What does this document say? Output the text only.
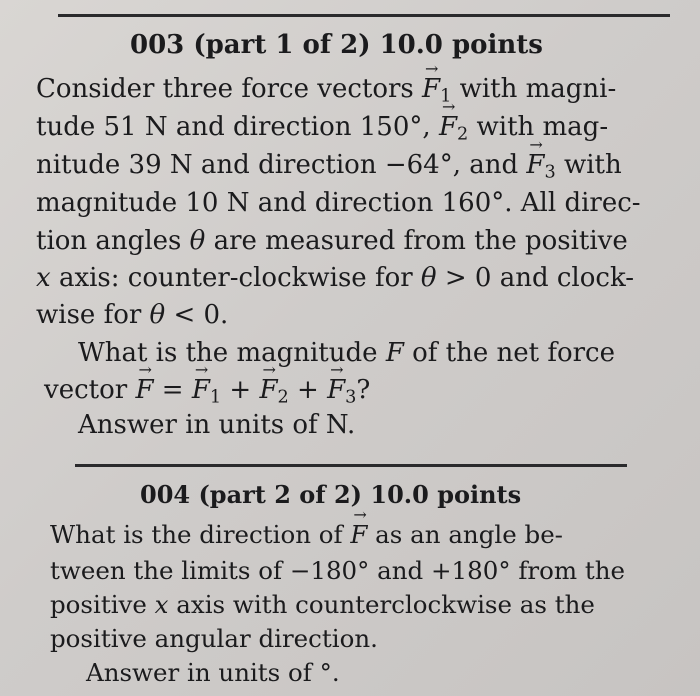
003 (part 1 of 2) 10.0 points
Consider three force vectors → $F_1$ with magni-
tude 51 N and direction 150°, → $F_2$ with mag-
nitude 39 N and direction −64°, and → $F_3$ with
magnitude 10 N and direction 160°. All direc-
tion angles θ are measured from the positive
x axis: counter-clockwise for θ > 0 and clock-
wise for θ < 0.
What is the magnitude F of the net force
vector → F = → $F_1$ + → $F_2$ + → $F_3$?
Answer in units of N.
004 (part 2 of 2) 10.0 points
What is the direction of → F as an angle be-
tween the limits of −180° and +180° from the
positive x axis with counterclockwise as the
positive angular direction.
Answer in units of °.
